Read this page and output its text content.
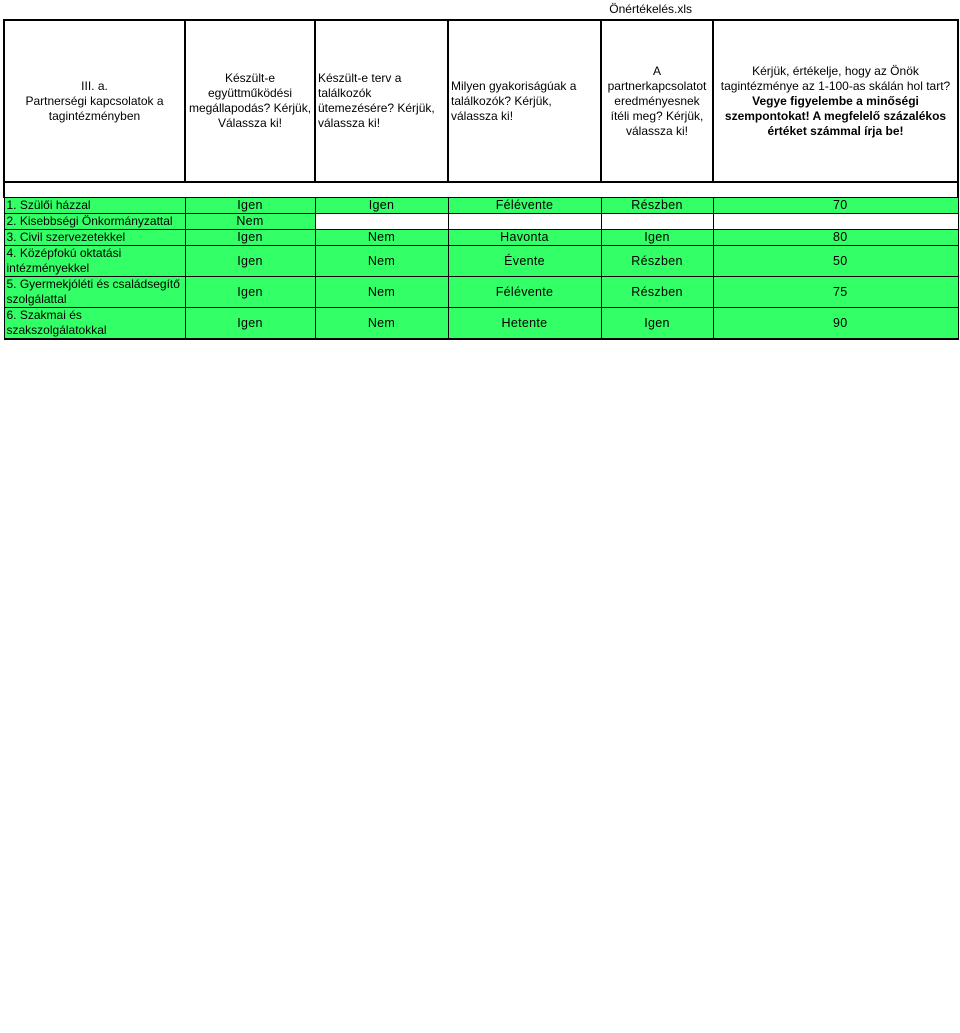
Önértékelés.xls
III. a.
Partnerségi kapcsolatok a tagintézményben	Készült-e együttműködési megállapodás? Kérjük, Válassza ki!	Készült-e terv a találkozók ütemezésére? Kérjük, válassza ki!	Milyen gyakoriságúak a találkozók? Kérjük, válassza ki!	A partnerkapcsolatot eredményesnek ítéli meg? Kérjük, válassza ki!	Kérjük, értékelje, hogy az Önök tagintézménye az 1-100-as skálán hol tart? Vegye figyelembe a minőségi szempontokat! A megfelelő százalékos értéket számmal írja be!

1. Szülői házzal	Igen	Igen	Félévente	Részben	70
2. Kisebbségi Önkormányzattal	Nem				
3. Civil szervezetekkel	Igen	Nem	Havonta	Igen	80
4. Középfokú oktatási intézményekkel	Igen	Nem	Évente	Részben	50
5. Gyermekjóléti és családsegítő szolgálattal	Igen	Nem	Félévente	Részben	75
6. Szakmai és szakszolgálatokkal	Igen	Nem	Hetente	Igen	90
